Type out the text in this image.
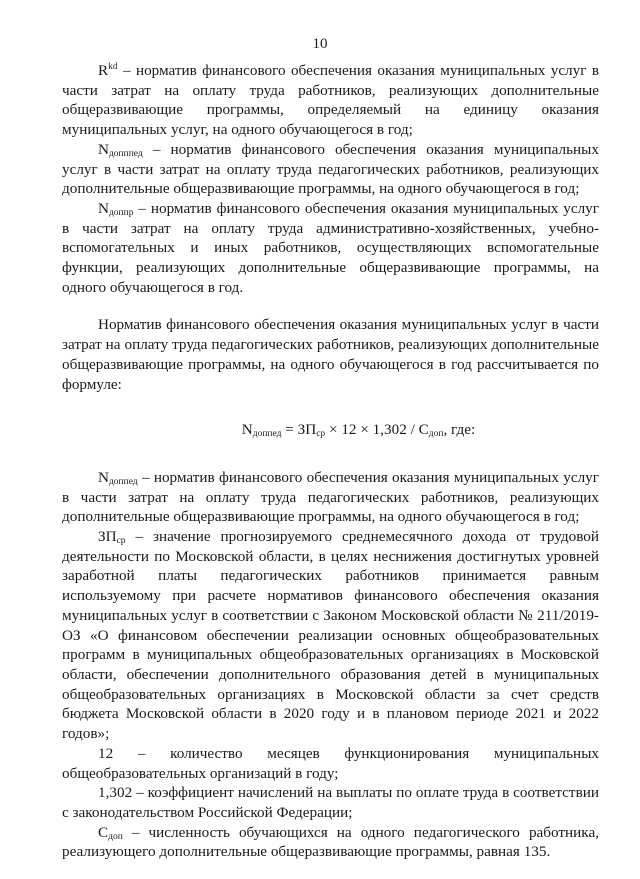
10

$R^{kd}$ – норматив финансового обеспечения оказания муниципальных услуг в части затрат на оплату труда работников, реализующих дополнительные общеразвивающие программы, определяемый на единицу оказания муниципальных услуг, на одного обучающегося в год;

$N_{допппед}$ – норматив финансового обеспечения оказания муниципальных услуг в части затрат на оплату труда педагогических работников, реализующих дополнительные общеразвивающие программы, на одного обучающегося в год;

$N_{доппр}$ – норматив финансового обеспечения оказания муниципальных услуг в части затрат на оплату труда административно-хозяйственных, учебно-вспомогательных и иных работников, осуществляющих вспомогательные функции, реализующих дополнительные общеразвивающие программы, на одного обучающегося в год.

Норматив финансового обеспечения оказания муниципальных услуг в части затрат на оплату труда педагогических работников, реализующих дополнительные общеразвивающие программы, на одного обучающегося в год рассчитывается по формуле:

$N_{доппед} = ЗП_{ср} \times 12 \times 1,302 / С_{доп}$, где:

$N_{доппед}$ – норматив финансового обеспечения оказания муниципальных услуг в части затрат на оплату труда педагогических работников, реализующих дополнительные общеразвивающие программы, на одного обучающегося в год;

$ЗП_{ср}$ – значение прогнозируемого среднемесячного дохода от трудовой деятельности по Московской области, в целях неснижения достигнутых уровней заработной платы педагогических работников принимается равным используемому при расчете нормативов финансового обеспечения оказания муниципальных услуг в соответствии с Законом Московской области № 211/2019-ОЗ «О финансовом обеспечении реализации основных общеобразовательных программ в муниципальных общеобразовательных организациях в Московской области, обеспечении дополнительного образования детей в муниципальных общеобразовательных организациях в Московской области за счет средств бюджета Московской области в 2020 году и в плановом периоде 2021 и 2022 годов»;

12 – количество месяцев функционирования муниципальных общеобразовательных организаций в году;

1,302 – коэффициент начислений на выплаты по оплате труда в соответствии с законодательством Российской Федерации;

$С_{доп}$ – численность обучающихся на одного педагогического работника, реализующего дополнительные общеразвивающие программы, равная 135.
